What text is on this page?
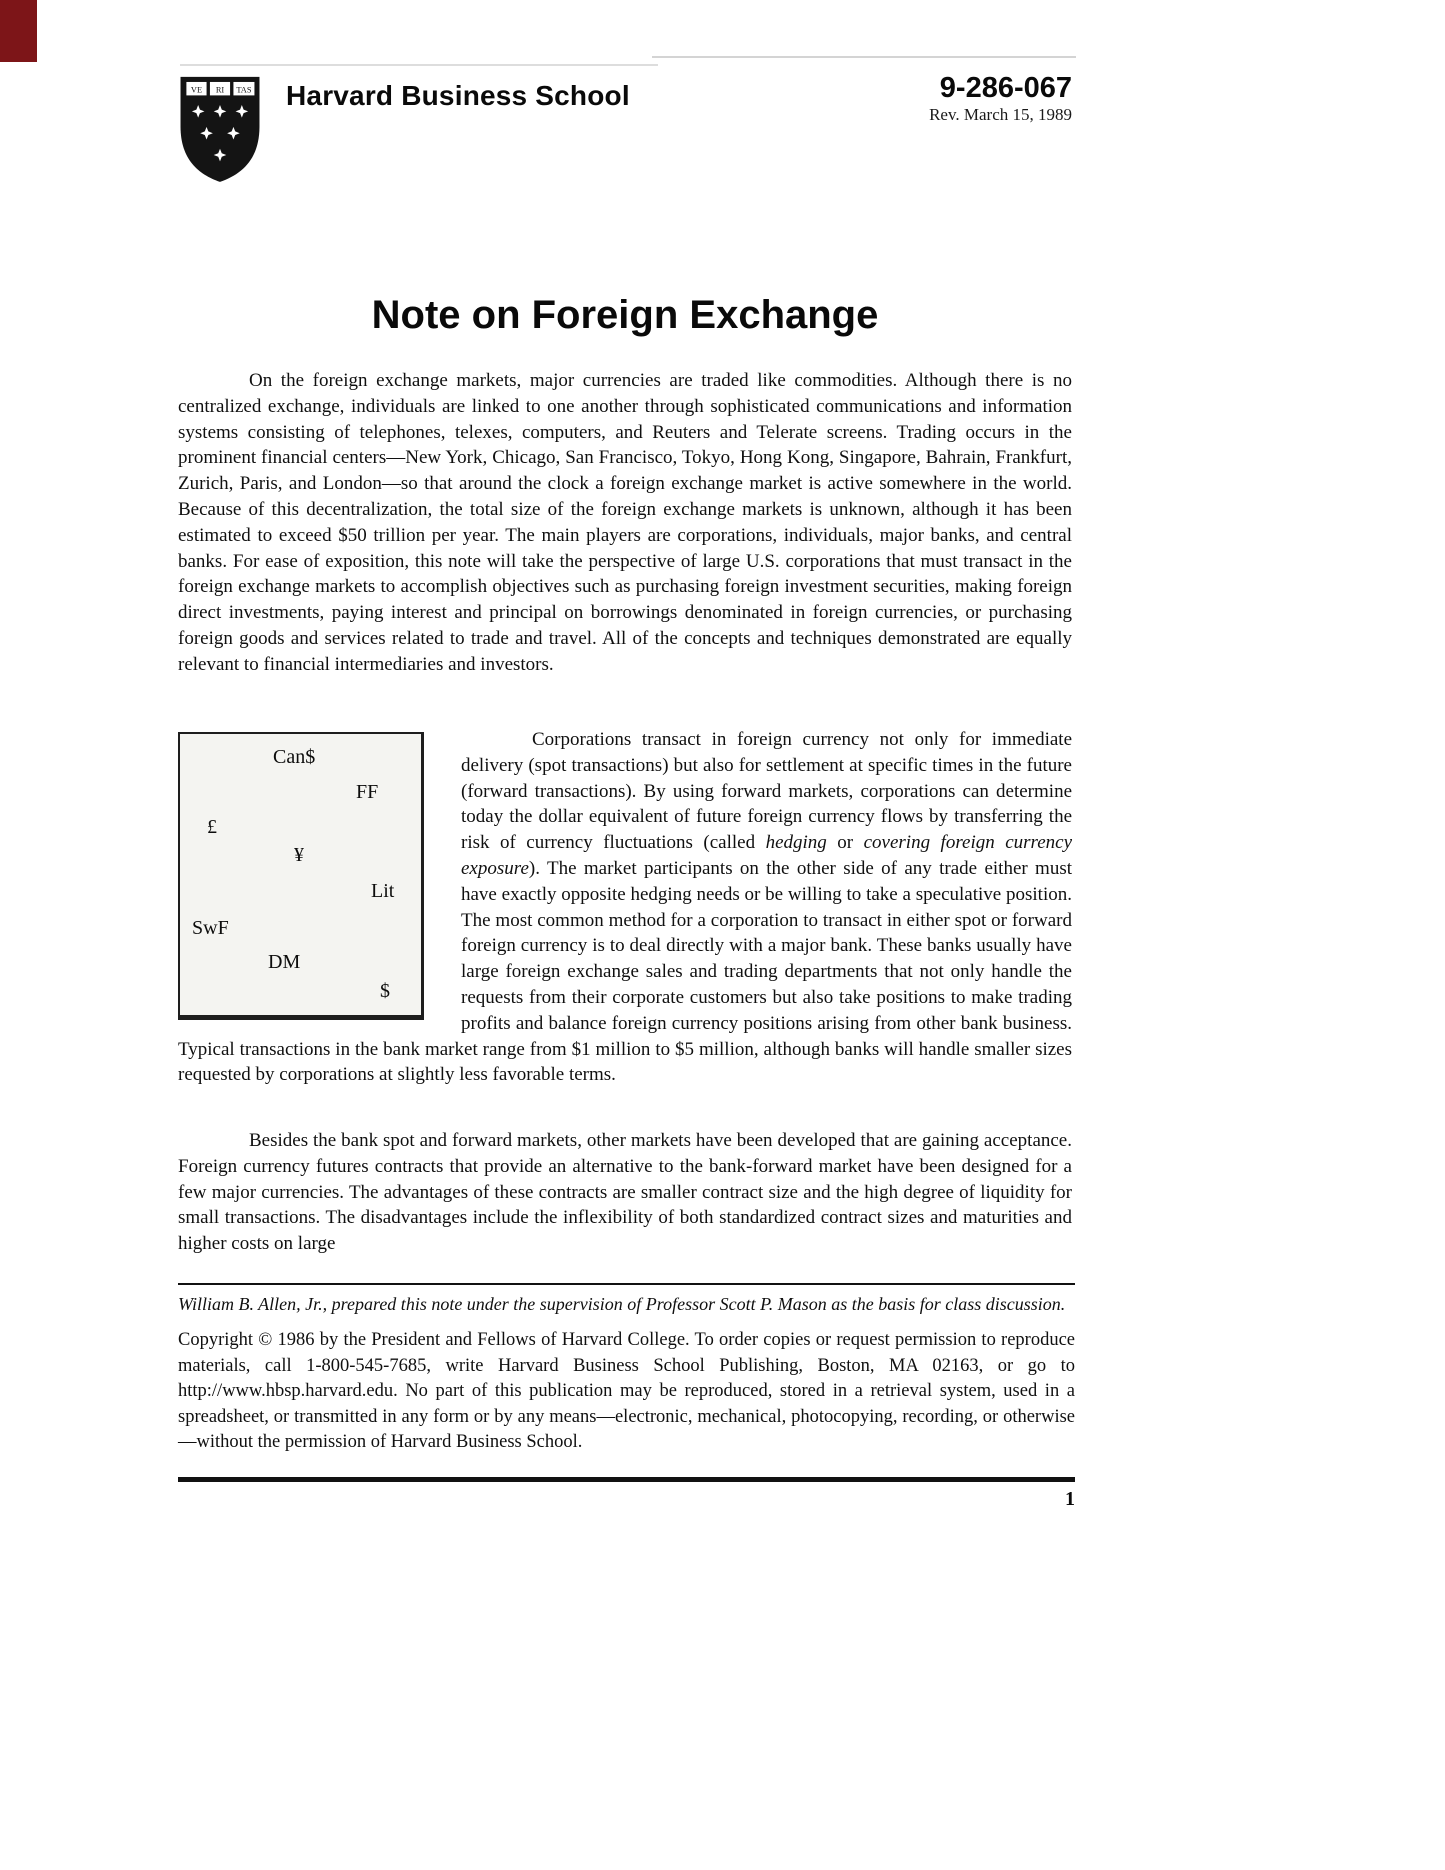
VE RI TAS Harvard Business School	9-286-067
Rev. March 15, 1989
Note on Foreign Exchange

On the foreign exchange markets, major currencies are traded like commodities. Although there is no centralized exchange, individuals are linked to one another through sophisticated communications and information systems consisting of telephones, telexes, computers, and Reuters and Telerate screens. Trading occurs in the prominent financial centers—New York, Chicago, San Francisco, Tokyo, Hong Kong, Singapore, Bahrain, Frankfurt, Zurich, Paris, and London—so that around the clock a foreign exchange market is active somewhere in the world. Because of this decentralization, the total size of the foreign exchange markets is unknown, although it has been estimated to exceed $50 trillion per year. The main players are corporations, individuals, major banks, and central banks. For ease of exposition, this note will take the perspective of large U.S. corporations that must transact in the foreign exchange markets to accomplish objectives such as purchasing foreign investment securities, making foreign direct investments, paying interest and principal on borrowings denominated in foreign currencies, or purchasing foreign goods and services related to trade and travel. All of the concepts and techniques demonstrated are equally relevant to financial intermediaries and investors.

Can$
FF
£
¥
Lit
SwF
DM
$

Corporations transact in foreign currency not only for immediate delivery (spot transactions) but also for settlement at specific times in the future (forward transactions). By using forward markets, corporations can determine today the dollar equivalent of future foreign currency flows by transferring the risk of currency fluctuations (called hedging or covering foreign currency exposure). The market participants on the other side of any trade either must have exactly opposite hedging needs or be willing to take a speculative position. The most common method for a corporation to transact in either spot or forward foreign currency is to deal directly with a major bank. These banks usually have large foreign exchange sales and trading departments that not only handle the requests from their corporate customers but also take positions to make trading profits and balance foreign currency positions arising from other bank business. Typical transactions in the bank market range from $1 million to $5 million, although banks will handle smaller sizes requested by corporations at slightly less favorable terms.

Besides the bank spot and forward markets, other markets have been developed that are gaining acceptance. Foreign currency futures contracts that provide an alternative to the bank-forward market have been designed for a few major currencies. The advantages of these contracts are smaller contract size and the high degree of liquidity for small transactions. The disadvantages include the inflexibility of both standardized contract sizes and maturities and higher costs on large

William B. Allen, Jr., prepared this note under the supervision of Professor Scott P. Mason as the basis for class discussion.

Copyright © 1986 by the President and Fellows of Harvard College. To order copies or request permission to reproduce materials, call 1-800-545-7685, write Harvard Business School Publishing, Boston, MA 02163, or go to http://www.hbsp.harvard.edu. No part of this publication may be reproduced, stored in a retrieval system, used in a spreadsheet, or transmitted in any form or by any means—electronic, mechanical, photocopying, recording, or otherwise—without the permission of Harvard Business School.

1
